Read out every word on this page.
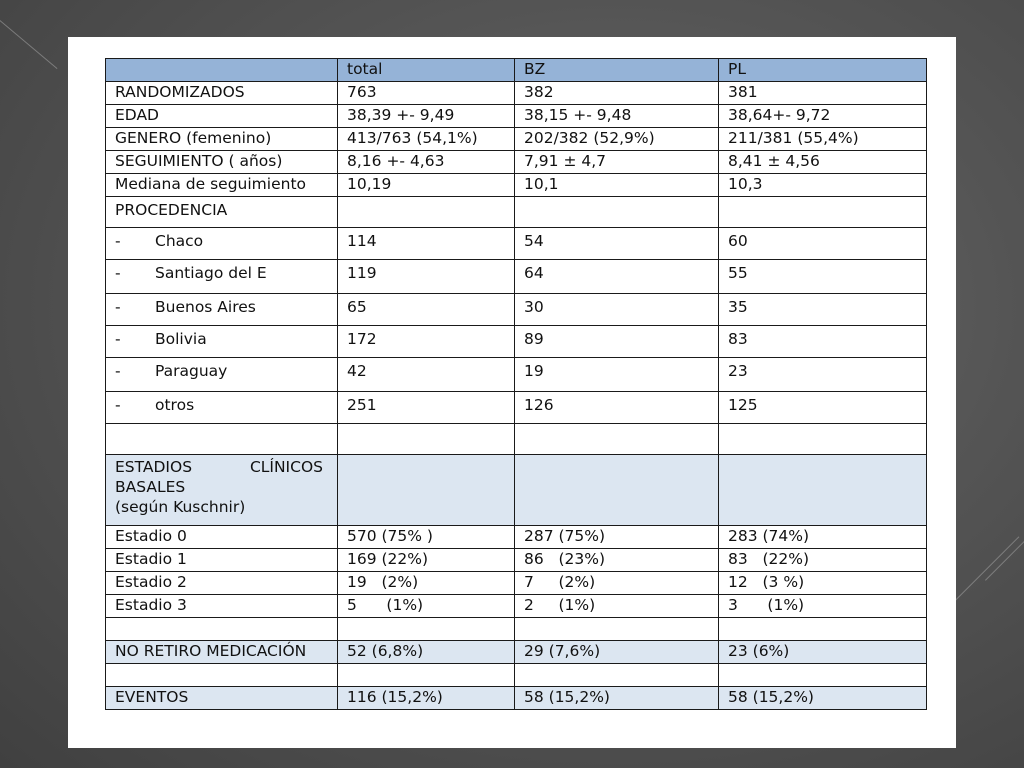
	total	BZ	PL
RANDOMIZADOS	763	382	381
EDAD	38,39 +- 9,49	38,15 +- 9,48	38,64+- 9,72
GENERO (femenino)	413/763 (54,1%)	202/382 (52,9%)	211/381 (55,4%)
SEGUIMIENTO ( años)	8,16 +- 4,63	7,91 ± 4,7	8,41 ± 4,56
Mediana de seguimiento	10,19	10,1	10,3
PROCEDENCIA			
- Chaco	114	54	60
- Santiago del E	119	64	55
- Buenos Aires	65	30	35
- Bolivia	172	89	83
- Paraguay	42	19	23
- otros	251	126	125

ESTADIOS CLÍNICOS
BASALES
(según Kuschnir)			

Estadio 0	570 (75% )	287 (75%)	283 (74%)
Estadio 1	169 (22%)	86   (23%)	83   (22%)
Estadio 2	19   (2%)	7     (2%)	12   (3 %)
Estadio 3	5      (1%)	2     (1%)	3      (1%)

NO RETIRO MEDICACIÓN	52 (6,8%)	29 (7,6%)	23 (6%)

EVENTOS	116 (15,2%)	58 (15,2%)	58 (15,2%)
